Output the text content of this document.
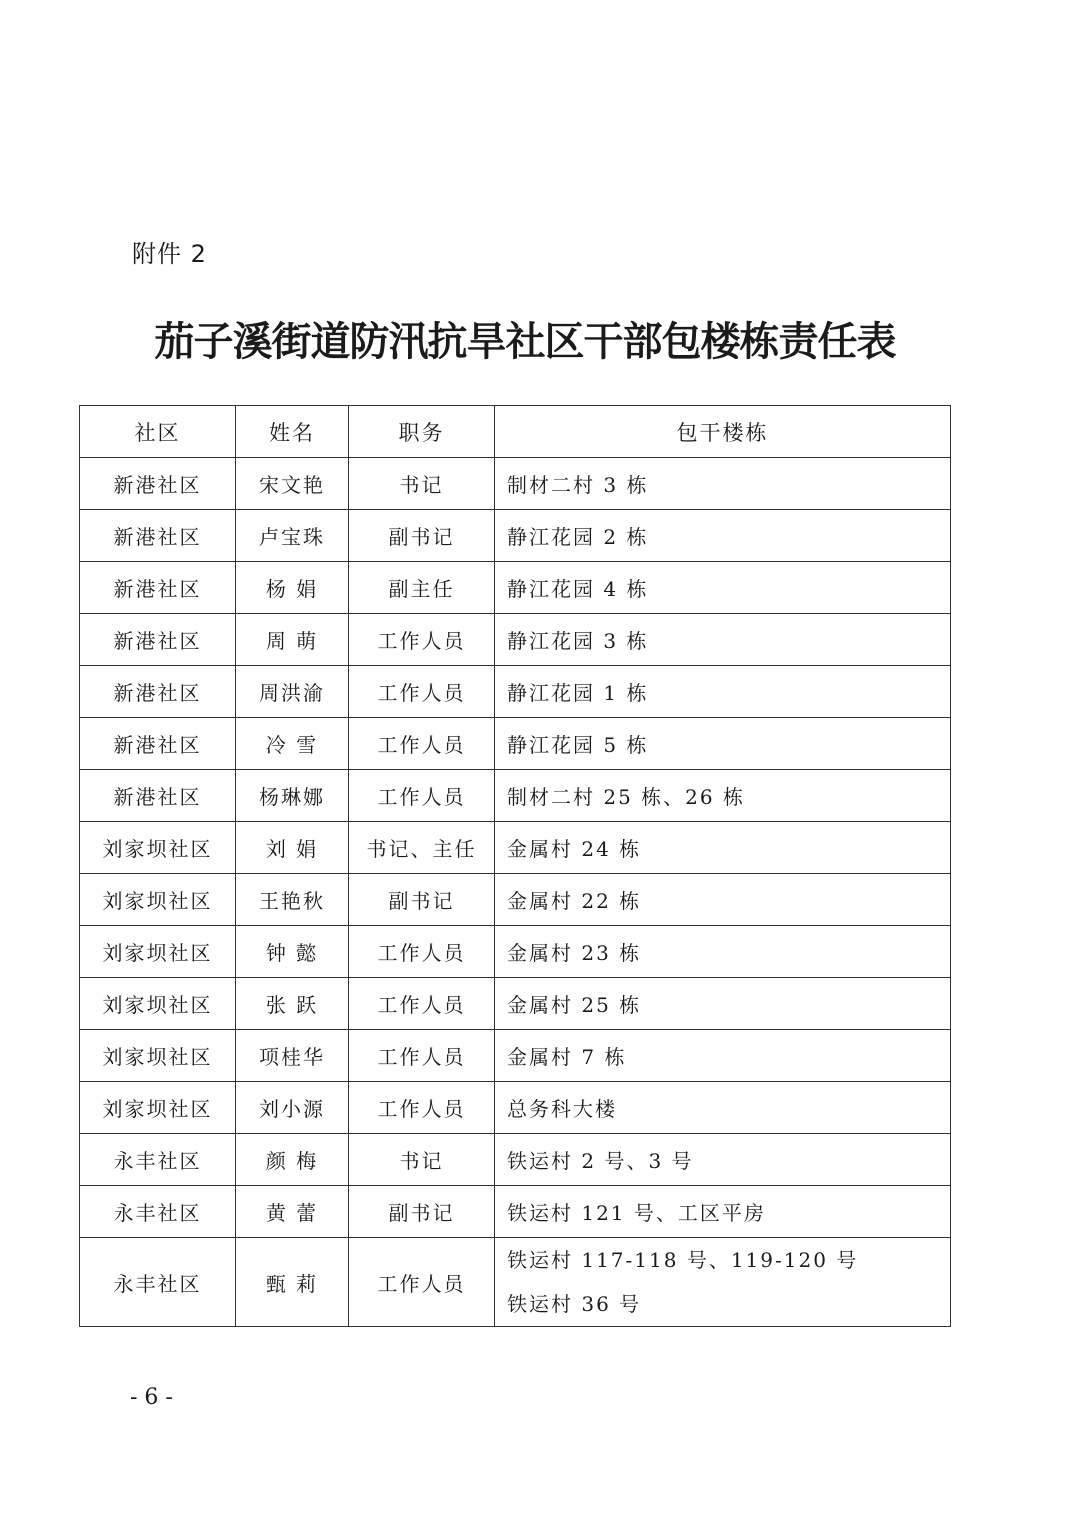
附件 2
茄子溪街道防汛抗旱社区干部包楼栋责任表
社区	姓名	职务	包干楼栋
新港社区	宋文艳	书记	制材二村 3 栋
新港社区	卢宝珠	副书记	静江花园 2 栋
新港社区	杨 娟	副主任	静江花园 4 栋
新港社区	周 萌	工作人员	静江花园 3 栋
新港社区	周洪渝	工作人员	静江花园 1 栋
新港社区	冷 雪	工作人员	静江花园 5 栋
新港社区	杨琳娜	工作人员	制材二村 25 栋、26 栋
刘家坝社区	刘 娟	书记、主任	金属村 24 栋
刘家坝社区	王艳秋	副书记	金属村 22 栋
刘家坝社区	钟 懿	工作人员	金属村 23 栋
刘家坝社区	张 跃	工作人员	金属村 25 栋
刘家坝社区	项桂华	工作人员	金属村 7 栋
刘家坝社区	刘小源	工作人员	总务科大楼
永丰社区	颜 梅	书记	铁运村 2 号、3 号
永丰社区	黄 蕾	副书记	铁运村 121 号、工区平房
永丰社区	甄 莉	工作人员	铁运村 117-118 号、119-120 号
铁运村 36 号
- 6 -
